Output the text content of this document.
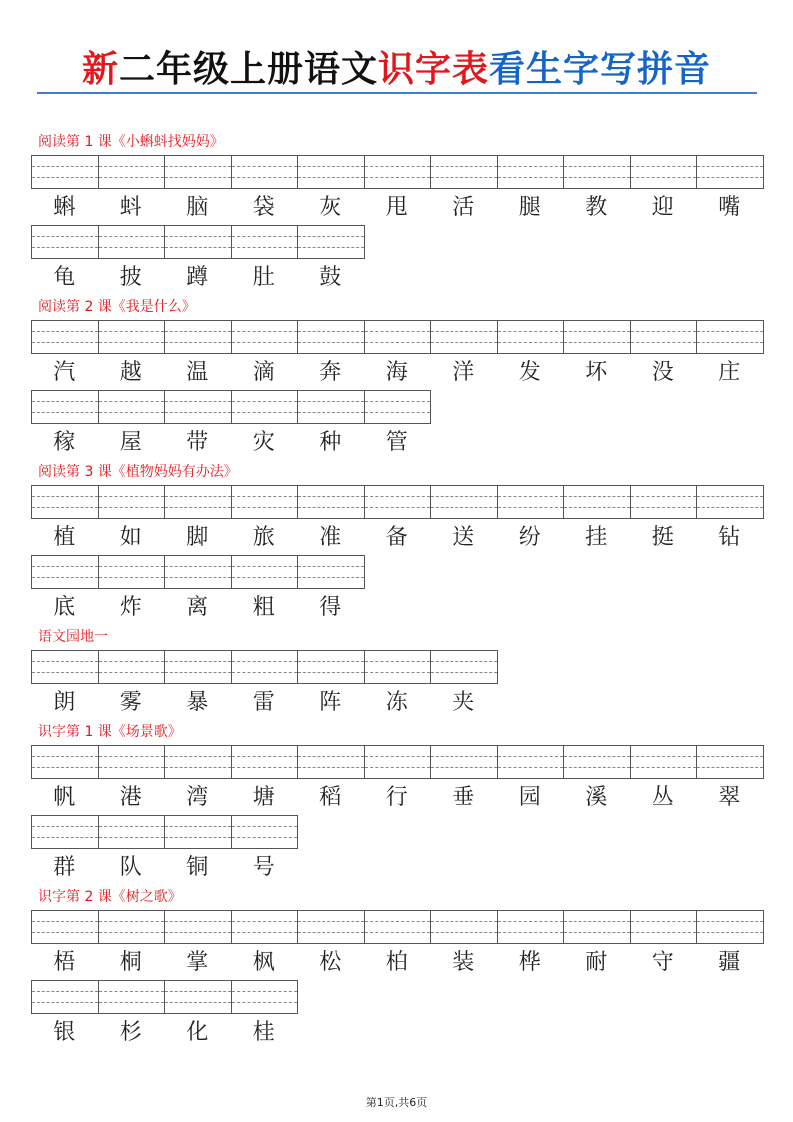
新二年级上册语文识字表看生字写拼音
阅读第 1 课《小蝌蚪找妈妈》
蝌	蚪	脑	袋	灰	甩	活	腿	教	迎	嘴
龟	披	蹲	肚	鼓
阅读第 2 课《我是什么》
汽	越	温	滴	奔	海	洋	发	坏	没	庄
稼	屋	带	灾	种	管
阅读第 3 课《植物妈妈有办法》
植	如	脚	旅	准	备	送	纷	挂	挺	钻
底	炸	离	粗	得
语文园地一
朗	雾	暴	雷	阵	冻	夹
识字第 1 课《场景歌》
帆	港	湾	塘	稻	行	垂	园	溪	丛	翠
群	队	铜	号
识字第 2 课《树之歌》
梧	桐	掌	枫	松	柏	装	桦	耐	守	疆
银	杉	化	桂
第1页,共6页
